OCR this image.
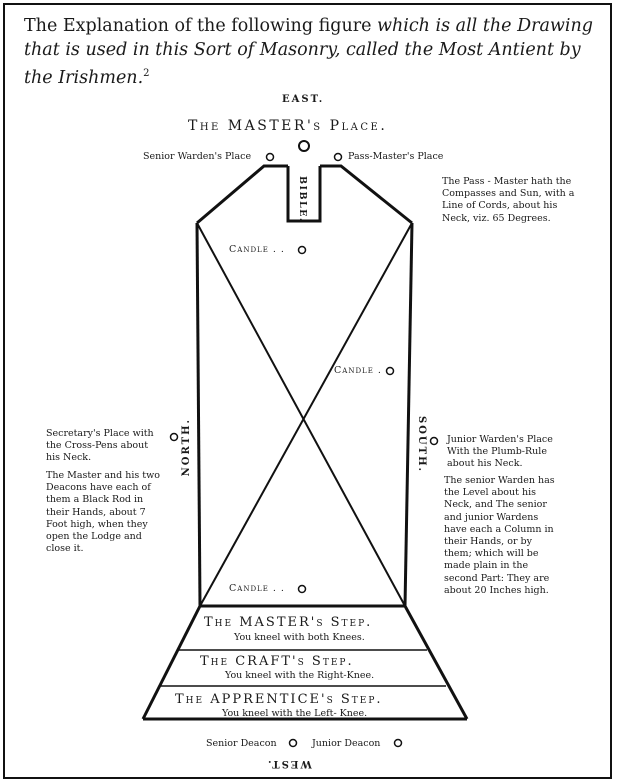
The Explanation of the following figure which is all the Drawing that is used in this Sort of Masonry, called the Most Antient by the Irishmen.$^2$
EAST.
The MASTER's Place.
Senior Warden's Place	Pass-Master's Place
BIBLE.	The Pass - Master hath the Compasses and Sun, with a Line of Cords, about his Neck, viz. 65 Degrees.
Candle . .
Candle .
Candle . .
NORTH.	SOUTH.
Secretary's Place with the Cross-Pens about his Neck.
The Master and his two Deacons have each of them a Black Rod in their Hands, about 7 Foot high, when they open the Lodge and close it.
Junior Warden's Place
With the Plumb-Rule about his Neck.
The senior Warden has the Level about his Neck, and The senior and junior Wardens have each a Column in their Hands, or by them; which will be made plain in the second Part: They are about 20 Inches high.
The MASTER's Step.
You kneel with both Knees.
The CRAFT's Step.
You kneel with the Right-Knee.
The APPRENTICE's Step.
You kneel with the Left- Knee.
Senior Deacon	Junior Deacon
WEST.
